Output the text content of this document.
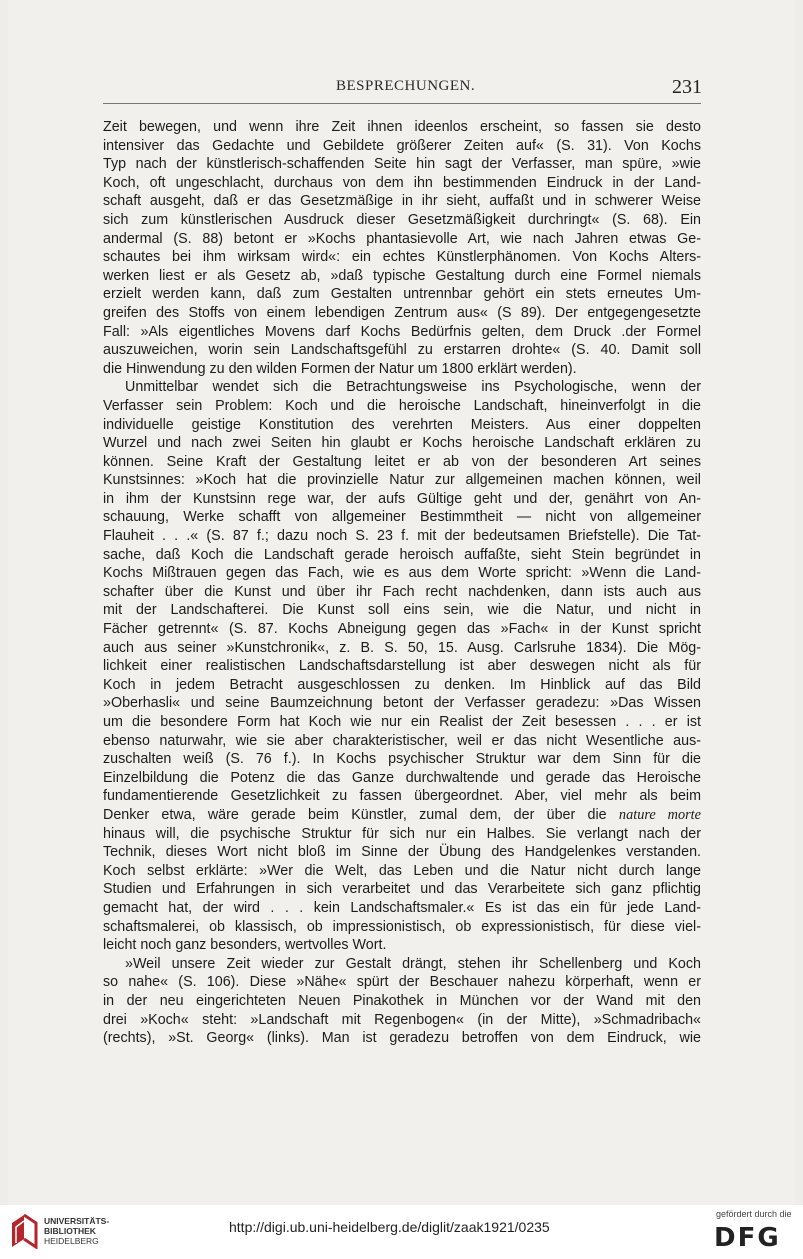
BESPRECHUNGEN.	231
Zeit bewegen, und wenn ihre Zeit ihnen ideenlos erscheint, so fassen sie desto
intensiver das Gedachte und Gebildete größerer Zeiten auf« (S. 31). Von Kochs
Typ nach der künstlerisch-schaffenden Seite hin sagt der Verfasser, man spüre, »wie
Koch, oft ungeschlacht, durchaus von dem ihn bestimmenden Eindruck in der Land-
schaft ausgeht, daß er das Gesetzmäßige in ihr sieht, auffaßt und in schwerer Weise
sich zum künstlerischen Ausdruck dieser Gesetzmäßigkeit durchringt« (S. 68). Ein
andermal (S. 88) betont er »Kochs phantasievolle Art, wie nach Jahren etwas Ge-
schautes bei ihm wirksam wird«: ein echtes Künstlerphänomen. Von Kochs Alters-
werken liest er als Gesetz ab, »daß typische Gestaltung durch eine Formel niemals
erzielt werden kann, daß zum Gestalten untrennbar gehört ein stets erneutes Um-
greifen des Stoffs von einem lebendigen Zentrum aus« (S 89). Der entgegengesetzte
Fall: »Als eigentliches Movens darf Kochs Bedürfnis gelten, dem Druck .der Formel
auszuweichen, worin sein Landschaftsgefühl zu erstarren drohte« (S. 40. Damit soll
die Hinwendung zu den wilden Formen der Natur um 1800 erklärt werden).
Unmittelbar wendet sich die Betrachtungsweise ins Psychologische, wenn der
Verfasser sein Problem: Koch und die heroische Landschaft, hineinverfolgt in die
individuelle geistige Konstitution des verehrten Meisters. Aus einer doppelten
Wurzel und nach zwei Seiten hin glaubt er Kochs heroische Landschaft erklären zu
können. Seine Kraft der Gestaltung leitet er ab von der besonderen Art seines
Kunstsinnes: »Koch hat die provinzielle Natur zur allgemeinen machen können, weil
in ihm der Kunstsinn rege war, der aufs Gültige geht und der, genährt von An-
schauung, Werke schafft von allgemeiner Bestimmtheit — nicht von allgemeiner
Flauheit . . .« (S. 87 f.; dazu noch S. 23 f. mit der bedeutsamen Briefstelle). Die Tat-
sache, daß Koch die Landschaft gerade heroisch auffaßte, sieht Stein begründet in
Kochs Mißtrauen gegen das Fach, wie es aus dem Worte spricht: »Wenn die Land-
schafter über die Kunst und über ihr Fach recht nachdenken, dann ists auch aus
mit der Landschafterei. Die Kunst soll eins sein, wie die Natur, und nicht in
Fächer getrennt« (S. 87. Kochs Abneigung gegen das »Fach« in der Kunst spricht
auch aus seiner »Kunstchronik«, z. B. S. 50, 15. Ausg. Carlsruhe 1834). Die Mög-
lichkeit einer realistischen Landschaftsdarstellung ist aber deswegen nicht als für
Koch in jedem Betracht ausgeschlossen zu denken. Im Hinblick auf das Bild
»Oberhasli« und seine Baumzeichnung betont der Verfasser geradezu: »Das Wissen
um die besondere Form hat Koch wie nur ein Realist der Zeit besessen . . . er ist
ebenso naturwahr, wie sie aber charakteristischer, weil er das nicht Wesentliche aus-
zuschalten weiß (S. 76 f.). In Kochs psychischer Struktur war dem Sinn für die
Einzelbildung die Potenz die das Ganze durchwaltende und gerade das Heroische
fundamentierende Gesetzlichkeit zu fassen übergeordnet. Aber, viel mehr als beim
Denker etwa, wäre gerade beim Künstler, zumal dem, der über die nature morte
hinaus will, die psychische Struktur für sich nur ein Halbes. Sie verlangt nach der
Technik, dieses Wort nicht bloß im Sinne der Übung des Handgelenkes verstanden.
Koch selbst erklärte: »Wer die Welt, das Leben und die Natur nicht durch lange
Studien und Erfahrungen in sich verarbeitet und das Verarbeitete sich ganz pflichtig
gemacht hat, der wird . . . kein Landschaftsmaler.« Es ist das ein für jede Land-
schaftsmalerei, ob klassisch, ob impressionistisch, ob expressionistisch, für diese viel-
leicht noch ganz besonders, wertvolles Wort.
»Weil unsere Zeit wieder zur Gestalt drängt, stehen ihr Schellenberg und Koch
so nahe« (S. 106). Diese »Nähe« spürt der Beschauer nahezu körperhaft, wenn er
in der neu eingerichteten Neuen Pinakothek in München vor der Wand mit den
drei »Koch« steht: »Landschaft mit Regenbogen« (in der Mitte), »Schmadribach«
(rechts), »St. Georg« (links). Man ist geradezu betroffen von dem Eindruck, wie
UNIVERSITÄTS-
BIBLIOTHEK
HEIDELBERG
http://digi.ub.uni-heidelberg.de/diglit/zaak1921/0235
gefördert durch die
DFG
